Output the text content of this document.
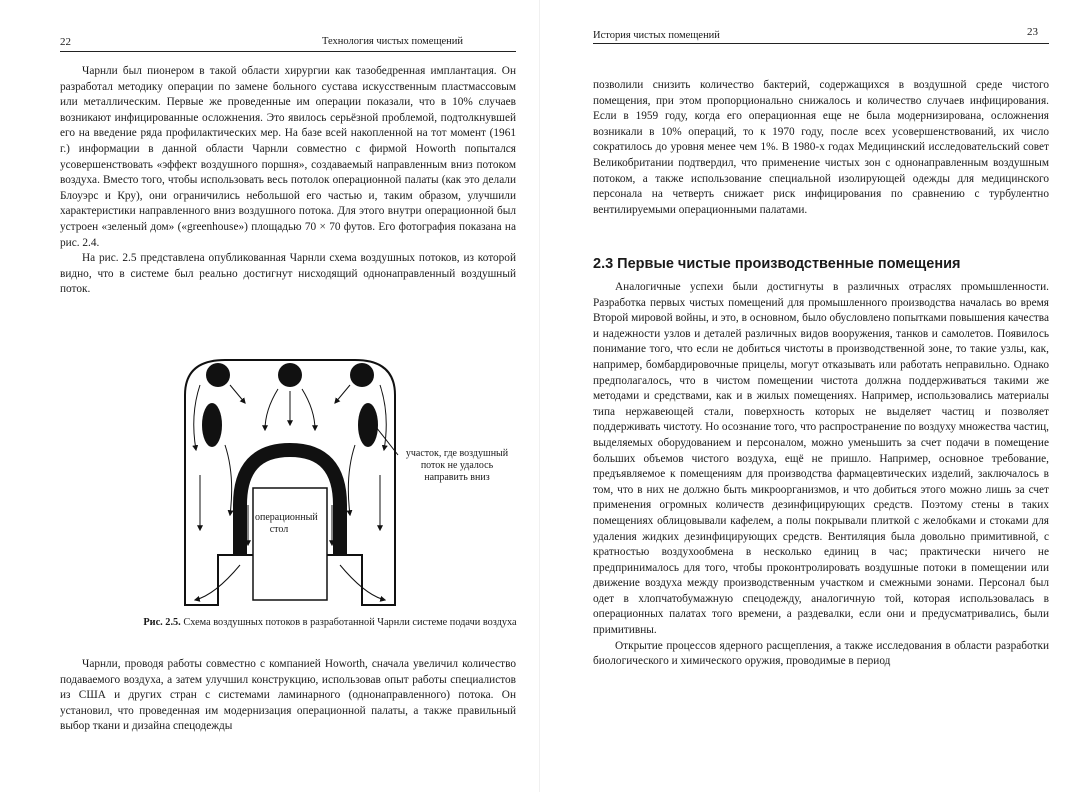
22	Технология чистых помещений

Чарнли был пионером в такой области хирургии как тазобедренная имплантация. Он разработал методику операции по замене больного сустава искусственным пластмассовым или металлическим. Первые же проведенные им операции показали, что в 10% случаев возникают инфицированные осложнения. Это явилось серьёзной проблемой, подтолкнувшей его на введение ряда профилактических мер. На базе всей накопленной на тот момент (1961 г.) информации в данной области Чарнли совместно с фирмой Howorth попытался усовершенствовать «эффект воздушного поршня», создаваемый направленным вниз потоком воздуха. Вместо того, чтобы использовать весь потолок операционной палаты (как это делали Блоуэрс и Кру), они ограничились небольшой его частью и, таким образом, улучшили характеристики направленного вниз воздушного потока. Для этого внутри операционной был устроен «зеленый дом» («greenhouse») площадью 70 × 70 футов. Его фотография показана на рис. 2.4.

На рис. 2.5 представлена опубликованная Чарнли схема воздушных потоков, из которой видно, что в системе был реально достигнут нисходящий однонаправленный воздушный поток.

участок, где воздушный поток не удалось направить вниз
операционный стол
Рис. 2.5. Схема воздушных потоков в разработанной Чарнли системе подачи воздуха

Чарнли, проводя работы совместно с компанией Howorth, сначала увеличил количество подаваемого воздуха, а затем улучшил конструкцию, использовав опыт работы специалистов из США и других стран с системами ламинарного (однонаправленного) потока. Он установил, что проведенная им модернизация операционной палаты, а также правильный выбор ткани и дизайна спецодежды

История чистых помещений	23

позволили снизить количество бактерий, содержащихся в воздушной среде чистого помещения, при этом пропорционально снижалось и количество случаев инфицирования. Если в 1959 году, когда его операционная еще не была модернизирована, осложнения возникали в 10% операций, то к 1970 году, после всех усовершенствований, их число сократилось до уровня менее чем 1%. В 1980-х годах Медицинский исследовательский совет Великобритании подтвердил, что применение чистых зон с однонаправленным воздушным потоком, а также использование специальной изолирующей одежды для медицинского персонала на четверть снижает риск инфицирования по сравнению с турбулентно вентилируемыми операционными палатами.

2.3 Первые чистые производственные помещения

Аналогичные успехи были достигнуты в различных отраслях промышленности. Разработка первых чистых помещений для промышленного производства началась во время Второй мировой войны, и это, в основном, было обусловлено попытками повышения качества и надежности узлов и деталей различных видов вооружения, танков и самолетов. Появилось понимание того, что если не добиться чистоты в производственной зоне, то такие узлы, как, например, бомбардировочные прицелы, могут отказывать или работать неправильно. Однако предполагалось, что в чистом помещении чистота должна поддерживаться такими же методами и средствами, как и в жилых помещениях. Например, использовались материалы типа нержавеющей стали, поверхность которых не выделяет частиц и позволяет поддерживать чистоту. Но осознание того, что распространение по воздуху множества частиц, выделяемых оборудованием и персоналом, можно уменьшить за счет подачи в помещение больших объемов чистого воздуха, ещё не пришло. Например, основное требование, предъявляемое к помещениям для производства фармацевтических изделий, заключалось в том, что в них не должно быть микроорганизмов, и что добиться этого можно лишь за счет применения огромных количеств дезинфицирующих средств. Поэтому стены в таких помещениях облицовывали кафелем, а полы покрывали плиткой с желобками и стоками для удаления жидких дезинфицирующих средств. Вентиляция была довольно примитивной, с кратностью воздухообмена в несколько единиц в час; практически ничего не предпринималось для того, чтобы проконтролировать воздушные потоки в помещении или движение воздуха между производственным участком и смежными зонами. Персонал был одет в хлопчатобумажную спецодежду, аналогичную той, которая использовалась в операционных палатах того времени, а раздевалки, если они и предусматривались, были примитивны.

Открытие процессов ядерного расщепления, а также исследования в области разработки биологического и химического оружия, проводимые в период
